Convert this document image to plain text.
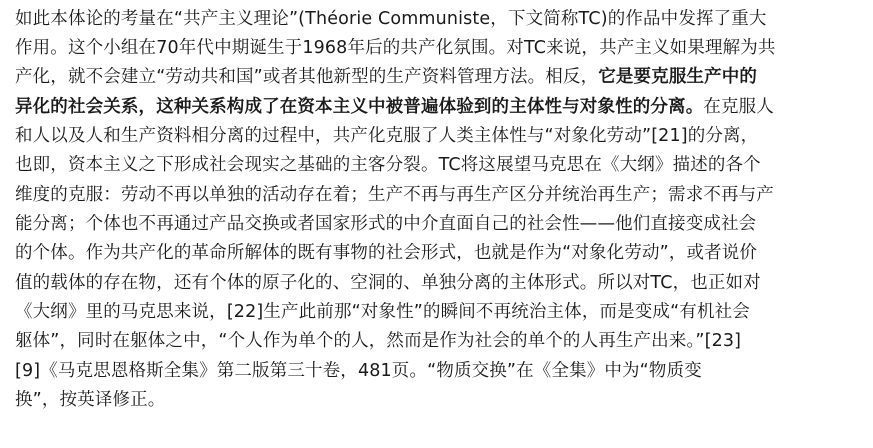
如此本体论的考量在“共产主义理论”(Théorie Communiste，下文简称TC)的作品中发挥了重大
作用。这个小组在70年代中期诞生于1968年后的共产化氛围。对TC来说，共产主义如果理解为共
产化，就不会建立“劳动共和国”或者其他新型的生产资料管理方法。相反，它是要克服生产中的
异化的社会关系，这种关系构成了在资本主义中被普遍体验到的主体性与对象性的分离。在克服人
和人以及人和生产资料相分离的过程中，共产化克服了人类主体性与“对象化劳动”[21]的分离，
也即，资本主义之下形成社会现实之基础的主客分裂。TC将这展望马克思在《大纲》描述的各个
维度的克服：劳动不再以单独的活动存在着；生产不再与再生产区分并统治再生产；需求不再与产
能分离；个体也不再通过产品交换或者国家形式的中介直面自己的社会性——他们直接变成社会
的个体。作为共产化的革命所解体的既有事物的社会形式，也就是作为“对象化劳动”，或者说价
值的载体的存在物，还有个体的原子化的、空洞的、单独分离的主体形式。所以对TC，也正如对
《大纲》里的马克思来说，[22]生产此前那“对象性”的瞬间不再统治主体，而是变成“有机社会
躯体”，同时在躯体之中，“个人作为单个的人，然而是作为社会的单个的人再生产出来。”[23]
[9]《马克思恩格斯全集》第二版第三十卷，481页。“物质交换”在《全集》中为“物质变
换”，按英译修正。
